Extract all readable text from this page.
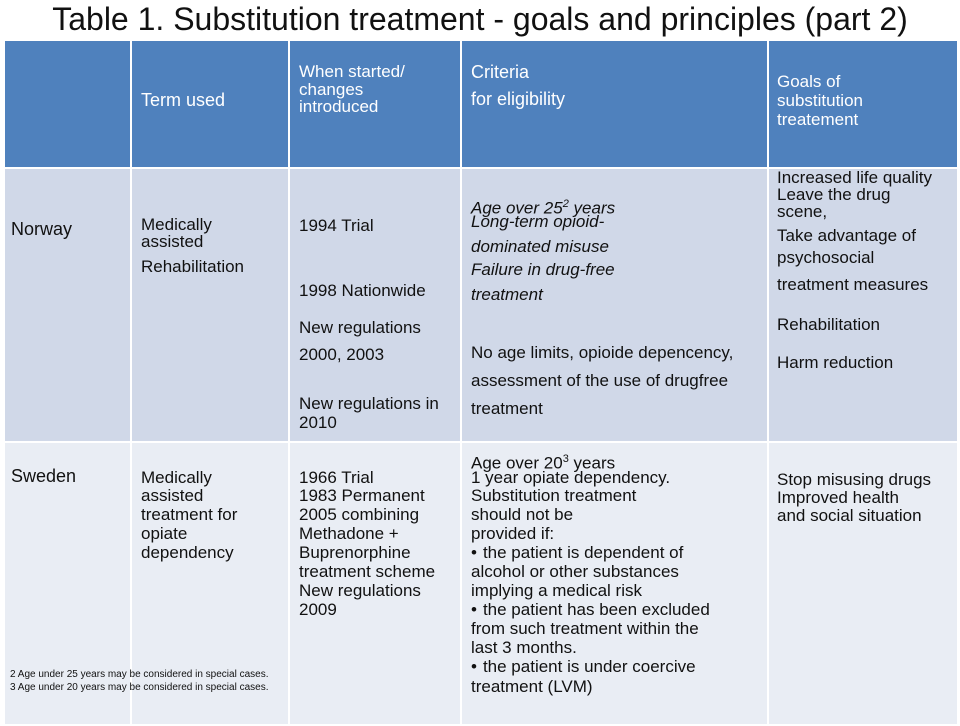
Table 1. Substitution treatment - goals and principles (part 2)
Term used
When started/
changes
introduced
Criteria
for eligibility
Goals of
substitution
treatement
Norway	Medically
assisted
Rehabilitation
1994 Trial
1998 Nationwide
New regulations
2000, 2003
New regulations in
2010
Age over $25^2$ years
Long-term opioid-
dominated misuse
Failure in drug-free
treatment
No age limits, opioide depencency,
assessment of the use of drugfree
treatment
Increased life quality
Leave the drug
scene,
Take advantage of
psychosocial
treatment measures
Rehabilitation
Harm reduction
Sweden	Medically
assisted
treatment for
opiate
dependency
1966 Trial
1983 Permanent
2005 combining
Methadone +
Buprenorphine
treatment scheme
New regulations
2009
Age over $20^3$ years
1 year opiate dependency.
Substitution treatment
should not be
provided if:
• the patient is dependent of
alcohol or other substances
implying a medical risk
• the patient has been excluded
from such treatment within the
last 3 months.
• the patient is under coercive
treatment (LVM)
Stop misusing drugs
Improved health
and social situation
2 Age under 25 years may be considered in special cases.
3 Age under 20 years may be considered in special cases.
